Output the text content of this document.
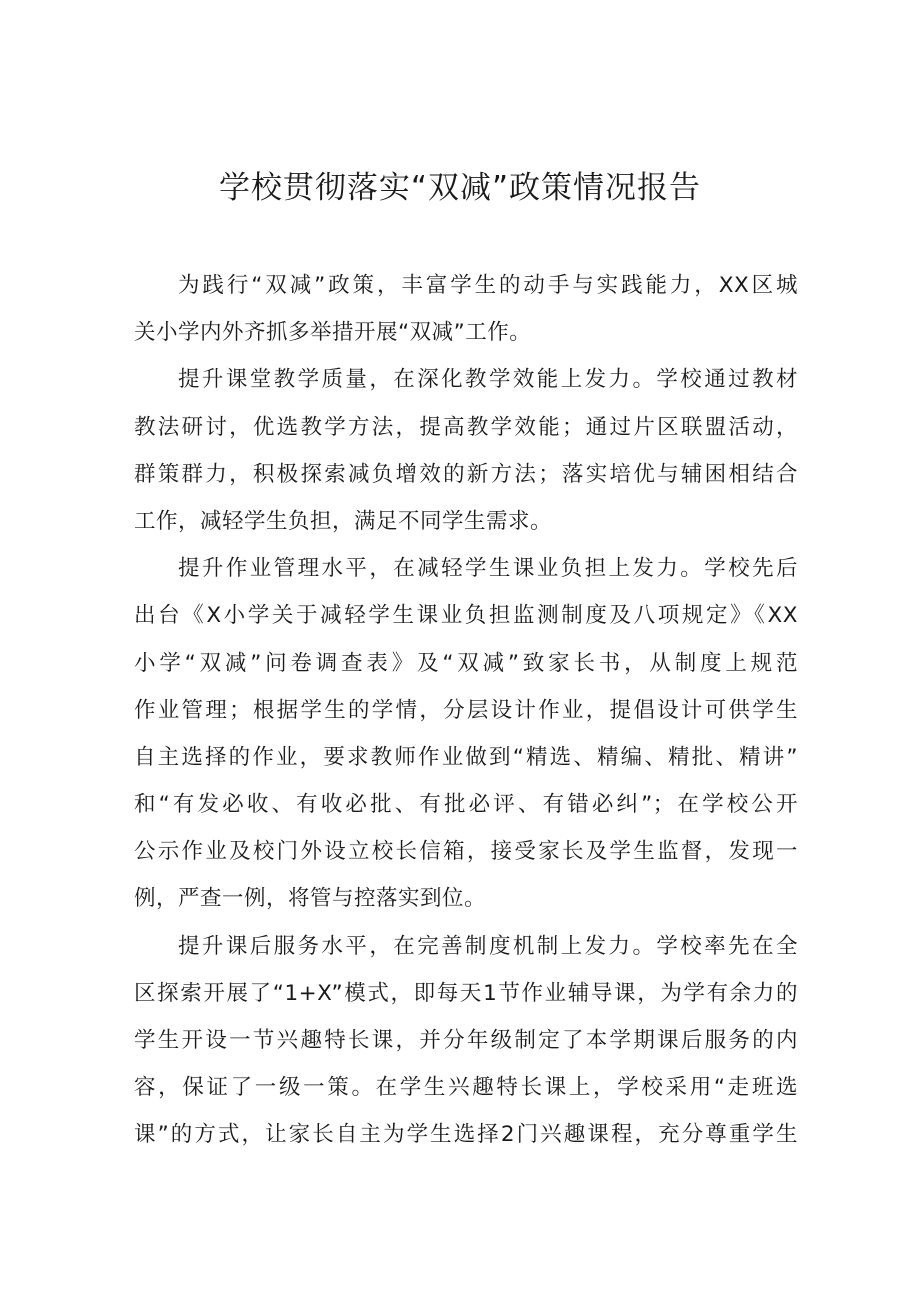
学校贯彻落实“双减”政策情况报告
为践行“双减”政策，丰富学生的动手与实践能力，XX区城
关小学内外齐抓多举措开展“双减”工作。
提升课堂教学质量，在深化教学效能上发力。学校通过教材
教法研讨，优选教学方法，提高教学效能；通过片区联盟活动，
群策群力，积极探索减负增效的新方法；落实培优与辅困相结合
工作，减轻学生负担，满足不同学生需求。
提升作业管理水平，在减轻学生课业负担上发力。学校先后
出台《X小学关于减轻学生课业负担监测制度及八项规定》《XX
小学“双减”问卷调查表》及“双减”致家长书，从制度上规范
作业管理；根据学生的学情，分层设计作业，提倡设计可供学生
自主选择的作业，要求教师作业做到“精选、精编、精批、精讲”
和“有发必收、有收必批、有批必评、有错必纠”；在学校公开
公示作业及校门外设立校长信箱，接受家长及学生监督，发现一
例，严查一例，将管与控落实到位。
提升课后服务水平，在完善制度机制上发力。学校率先在全
区探索开展了“1+X”模式，即每天1节作业辅导课，为学有余力的
学生开设一节兴趣特长课，并分年级制定了本学期课后服务的内
容，保证了一级一策。在学生兴趣特长课上，学校采用“走班选
课”的方式，让家长自主为学生选择2门兴趣课程，充分尊重学生
